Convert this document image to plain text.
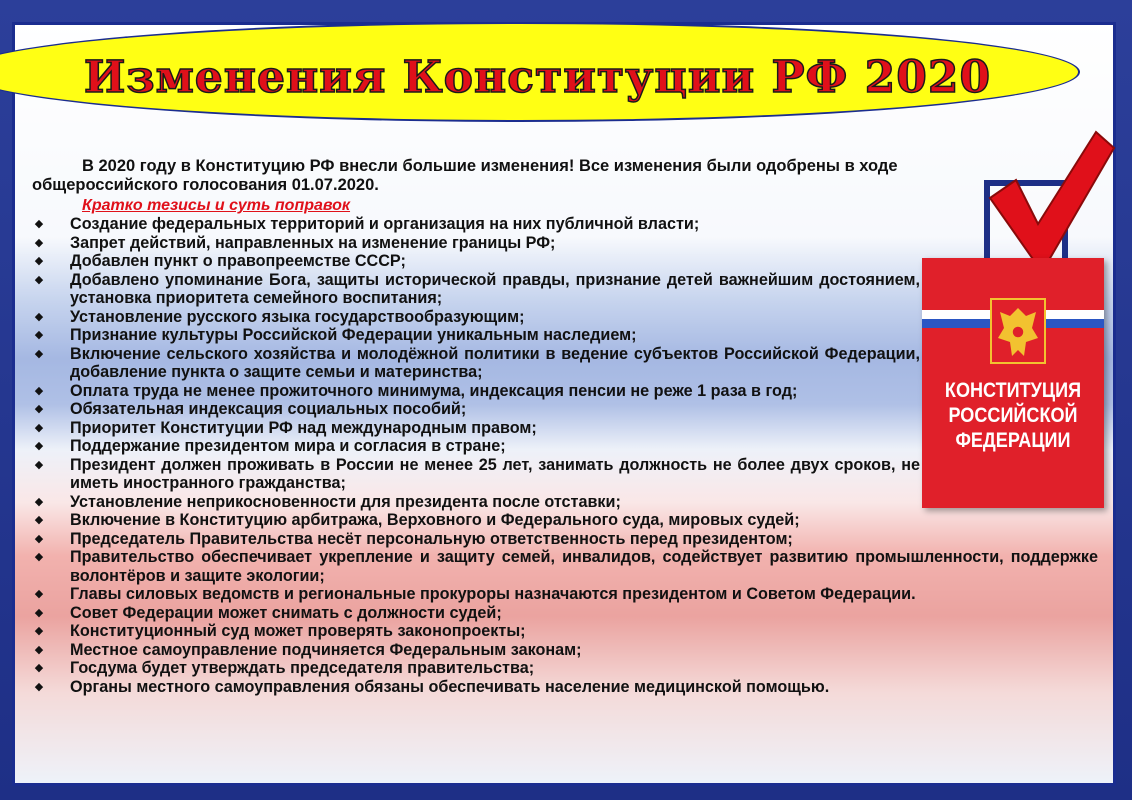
Изменения Конституции РФ 2020

В 2020 году в Конституцию РФ внесли большие изменения! Все изменения были одобрены в ходе общероссийского голосования 01.07.2020.

Кратко тезисы и суть поправок
◆ Создание федеральных территорий и организация на них публичной власти;
◆ Запрет действий, направленных на изменение границы РФ;
◆ Добавлен пункт о правопреемстве СССР;
◆ Добавлено упоминание Бога, защиты исторической правды, признание детей важнейшим достоянием, установка приоритета семейного воспитания;
◆ Установление русского языка государствообразующим;
◆ Признание культуры Российской Федерации уникальным наследием;
◆ Включение сельского хозяйства и молодёжной политики в ведение субъектов Российской Федерации, добавление пункта о защите семьи и материнства;
◆ Оплата труда не менее прожиточного минимума, индексация пенсии не реже 1 раза в год;
◆ Обязательная индексация социальных пособий;
◆ Приоритет Конституции РФ над международным правом;
◆ Поддержание президентом мира и согласия в стране;
◆ Президент должен проживать в России не менее 25 лет, занимать должность не более двух сроков, не иметь иностранного гражданства;
◆ Установление неприкосновенности для президента после отставки;
◆ Включение в Конституцию арбитража, Верховного и Федерального суда, мировых судей;
◆ Председатель Правительства несёт персональную ответственность перед президентом;
◆ Правительство обеспечивает укрепление и защиту семей, инвалидов, содействует развитию промышленности, поддержке волонтёров и защите экологии;
◆ Главы силовых ведомств и региональные прокуроры назначаются президентом и Советом Федерации.
◆ Совет Федерации может снимать с должности судей;
◆ Конституционный суд может проверять законопроекты;
◆ Местное самоуправление подчиняется Федеральным законам;
◆ Госдума будет утверждать председателя правительства;
◆ Органы местного самоуправления обязаны обеспечивать население медицинской помощью.
КОНСТИТУЦИЯ
РОССИЙСКОЙ
ФЕДЕРАЦИИ
